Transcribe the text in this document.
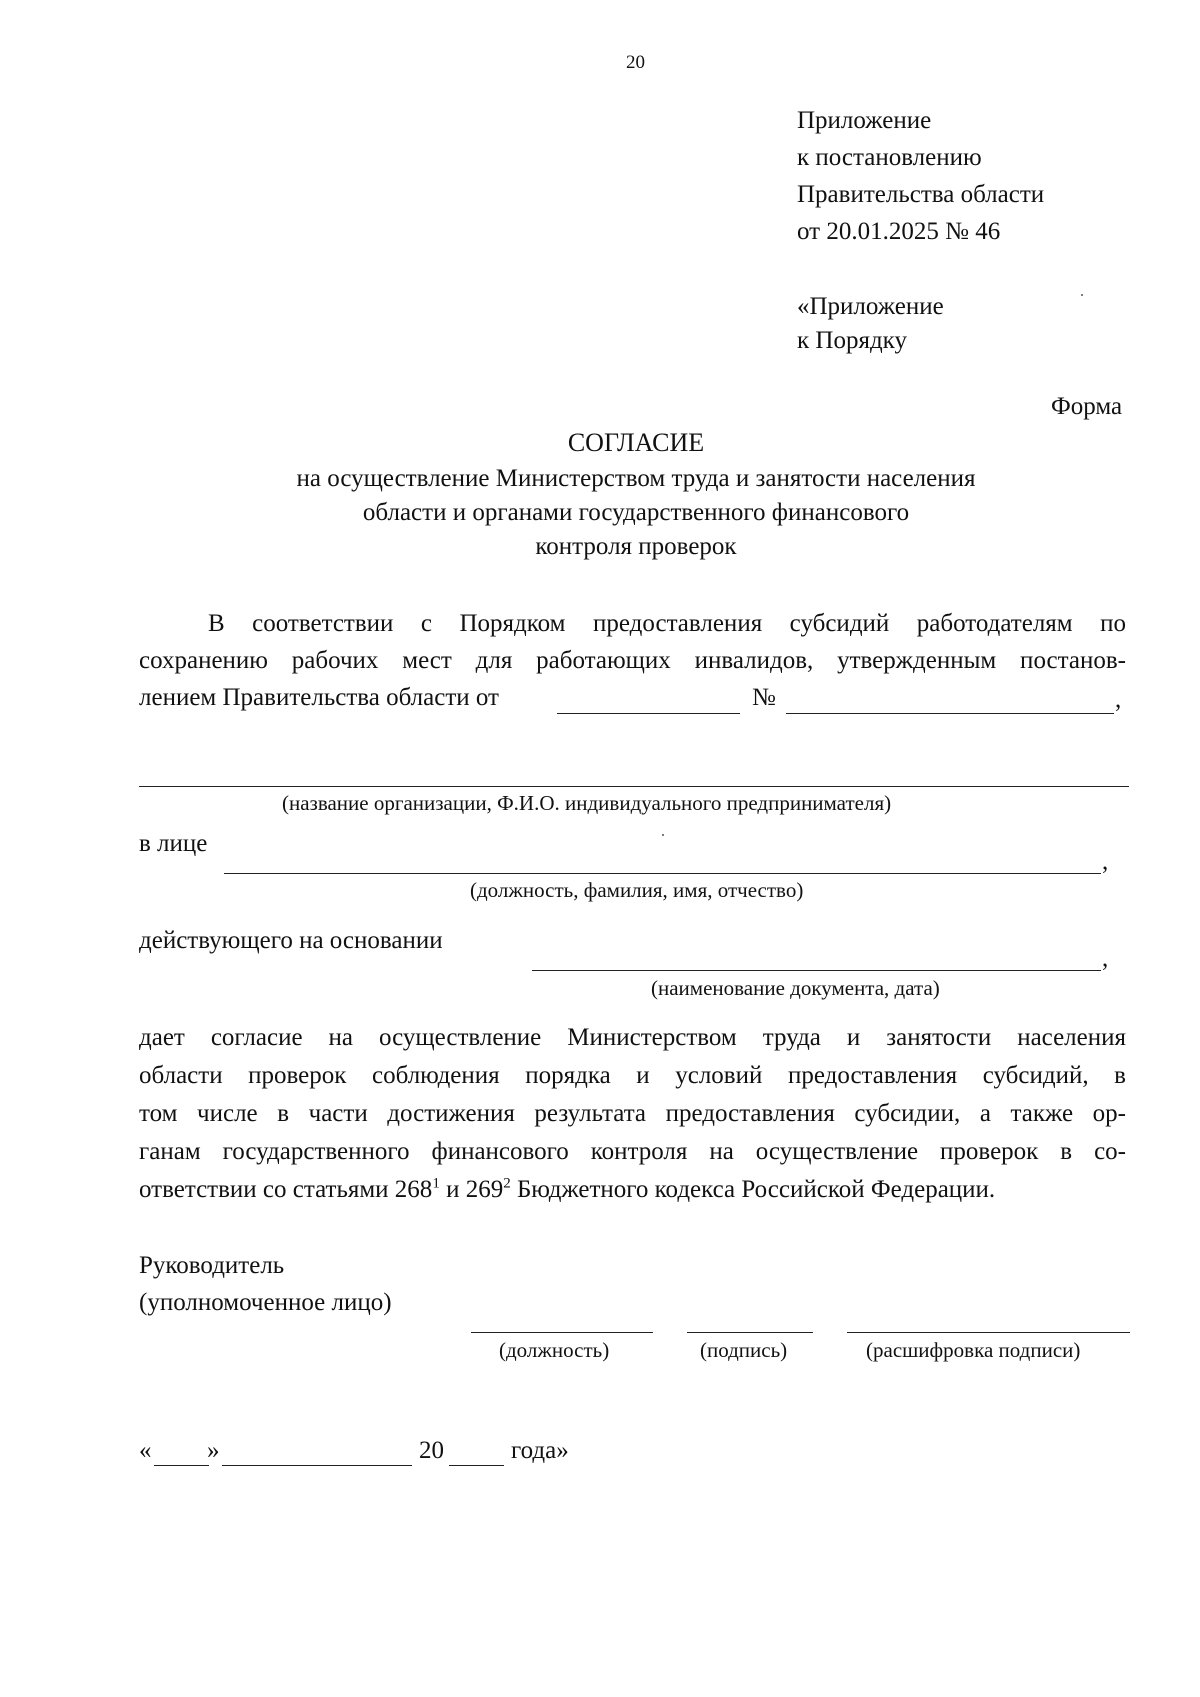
20
Приложение
к постановлению
Правительства области
от 20.01.2025 № 46
«Приложение
к Порядку
Форма
СОГЛАСИЕ
на осуществление Министерством труда и занятости населения
области и органами государственного финансового
контроля проверок
В соответствии с Порядком предоставления субсидий работодателям по
сохранению рабочих мест для работающих инвалидов, утвержденным постанов-
лением Правительства области от	№	,
(название организации, Ф.И.О. индивидуального предпринимателя)
в лице
,
(должность, фамилия, имя, отчество)
действующего на основании
,
(наименование документа, дата)
дает согласие на осуществление Министерством труда и занятости населения
области проверок соблюдения порядка и условий предоставления субсидий, в
том числе в части достижения результата предоставления субсидии, а также ор-
ганам государственного финансового контроля на осуществление проверок в со-
ответствии со статьями $268^1$ и $269^2$ Бюджетного кодекса Российской Федерации.
Руководитель
(уполномоченное лицо)
(должность)	(подпись)	(расшифровка подписи)
« »	20	года»
